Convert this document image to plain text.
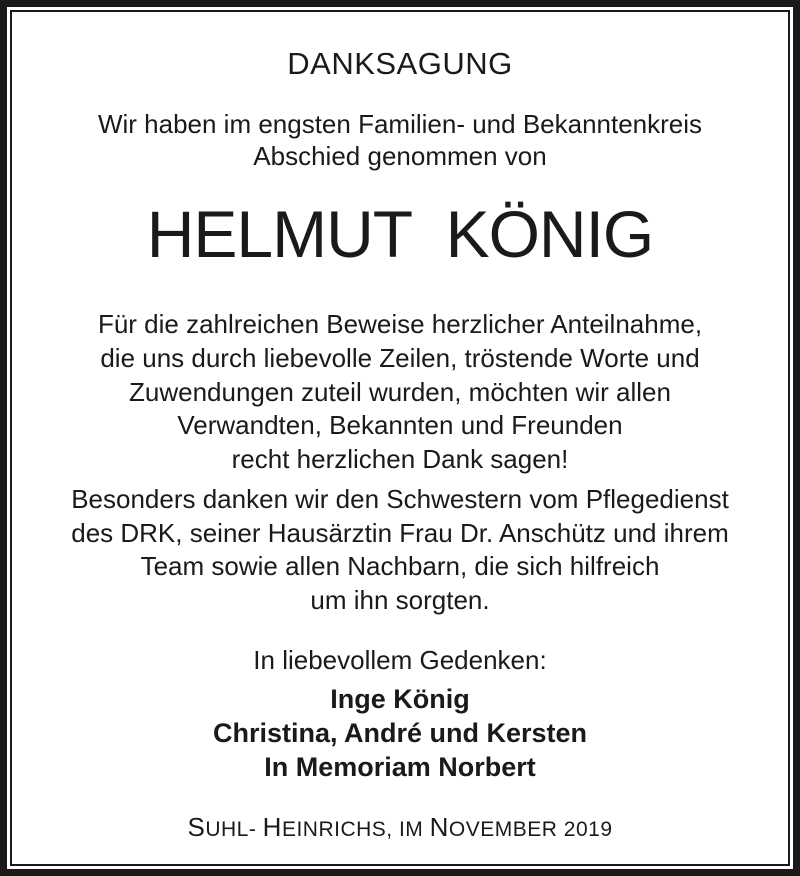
DANKSAGUNG
Wir haben im engsten Familien- und Bekanntenkreis
Abschied genommen von
HELMUT  KÖNIG
Für die zahlreichen Beweise herzlicher Anteilnahme,
die uns durch liebevolle Zeilen, tröstende Worte und
Zuwendungen zuteil wurden, möchten wir allen
Verwandten, Bekannten und Freunden
recht herzlichen Dank sagen!
Besonders danken wir den Schwestern vom Pflegedienst
des DRK, seiner Hausärztin Frau Dr. Anschütz und ihrem
Team sowie allen Nachbarn, die sich hilfreich
um ihn sorgten.
In liebevollem Gedenken:
Inge König
Christina, André und Kersten
In Memoriam Norbert
SUHL- HEINRICHS, IM NOVEMBER 2019
